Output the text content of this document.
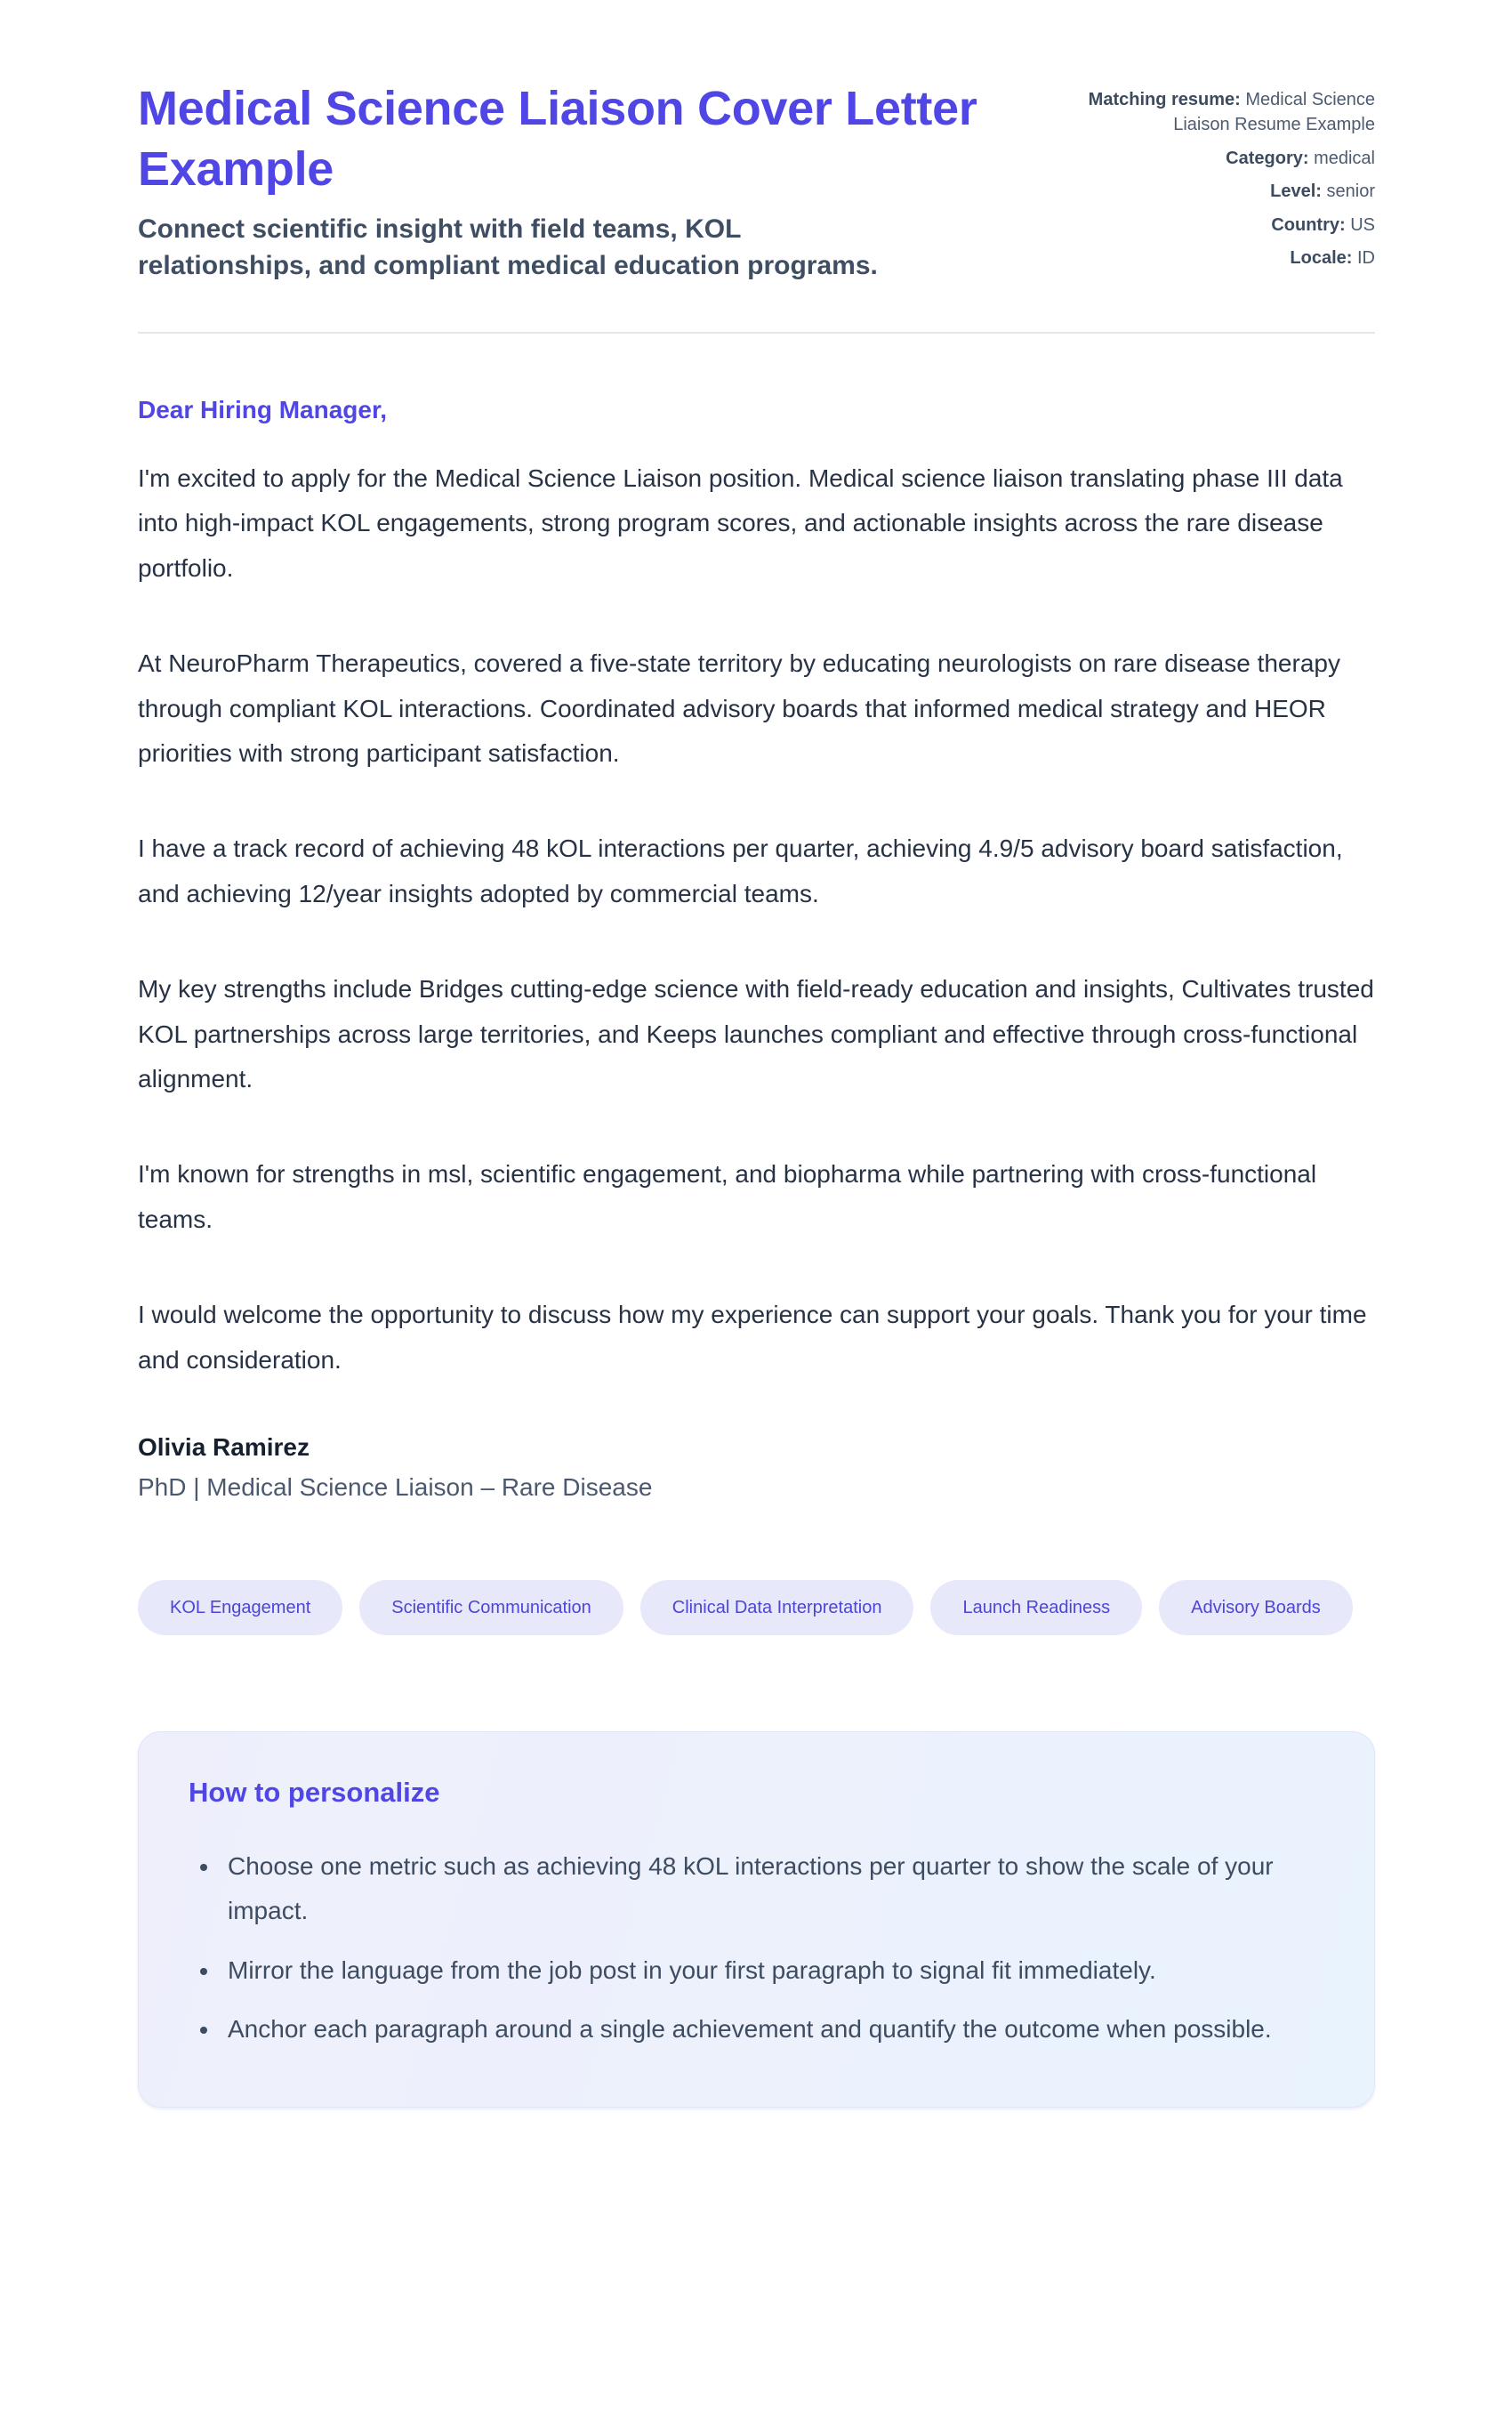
Medical Science Liaison Cover Letter Example

Connect scientific insight with field teams, KOL relationships, and compliant medical education programs.

Matching resume: Medical Science Liaison Resume Example
Category: medical
Level: senior
Country: US
Locale: ID

Dear Hiring Manager,

I'm excited to apply for the Medical Science Liaison position. Medical science liaison translating phase III data into high-impact KOL engagements, strong program scores, and actionable insights across the rare disease portfolio.

At NeuroPharm Therapeutics, covered a five-state territory by educating neurologists on rare disease therapy through compliant KOL interactions. Coordinated advisory boards that informed medical strategy and HEOR priorities with strong participant satisfaction.

I have a track record of achieving 48 kOL interactions per quarter, achieving 4.9/5 advisory board satisfaction, and achieving 12/year insights adopted by commercial teams.

My key strengths include Bridges cutting-edge science with field-ready education and insights, Cultivates trusted KOL partnerships across large territories, and Keeps launches compliant and effective through cross-functional alignment.

I'm known for strengths in msl, scientific engagement, and biopharma while partnering with cross-functional teams.

I would welcome the opportunity to discuss how my experience can support your goals. Thank you for your time and consideration.

Olivia Ramirez

PhD | Medical Science Liaison – Rare Disease

KOL Engagement	Scientific Communication	Clinical Data Interpretation	Launch Readiness	Advisory Boards
How to personalize
• Choose one metric such as achieving 48 kOL interactions per quarter to show the scale of your impact.
• Mirror the language from the job post in your first paragraph to signal fit immediately.
• Anchor each paragraph around a single achievement and quantify the outcome when possible.
